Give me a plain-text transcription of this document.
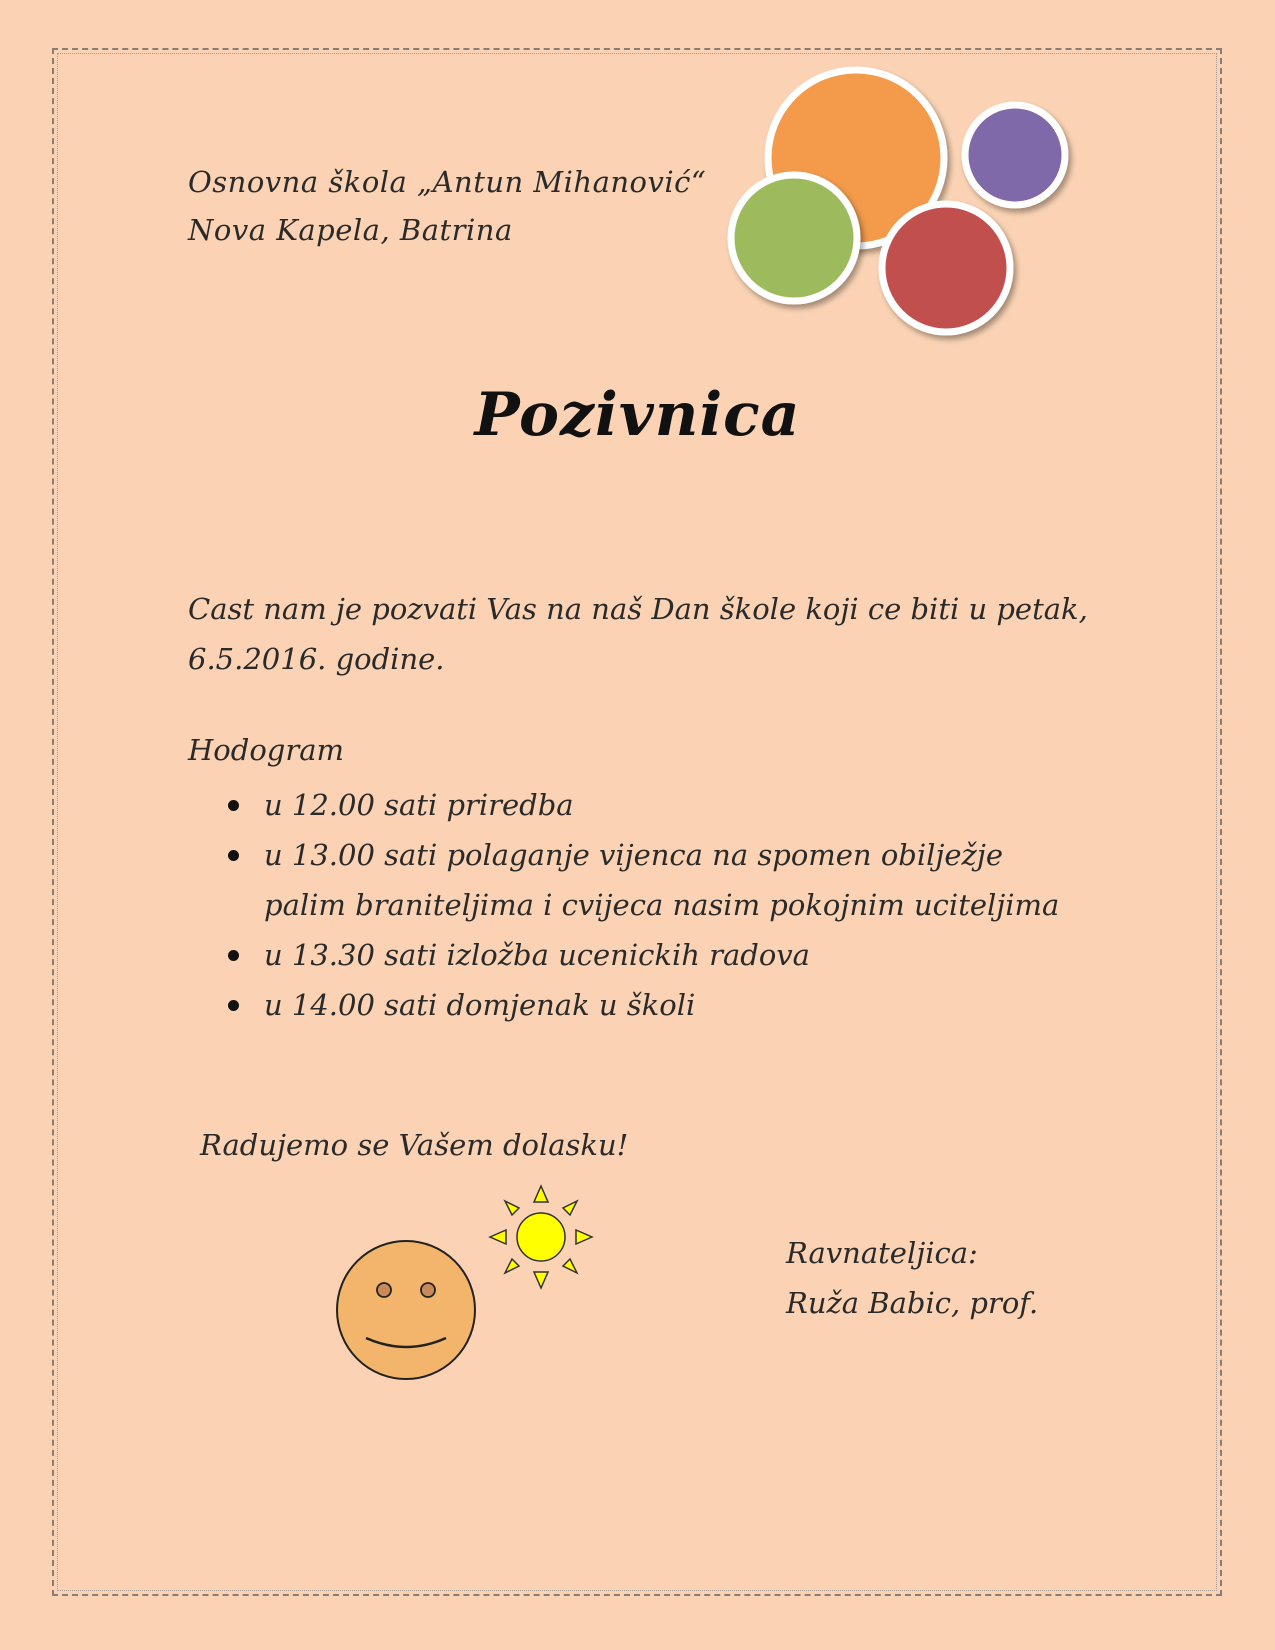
Osnovna škola „Antun Mihanović“
Nova Kapela, Batrina
Pozivnica
Cast nam je pozvati Vas na naš Dan škole koji ce biti u petak,
6.5.2016. godine.
Hodogram
u 12.00 sati priredba
u 13.00 sati polaganje vijenca na spomen obilježje palim braniteljima i cvijeca nasim pokojnim uciteljima
u 13.30 sati izložba ucenickih radova
u 14.00 sati domjenak u školi
Radujemo se Vašem dolasku!
Ravnateljica:
Ruža Babic, prof.
